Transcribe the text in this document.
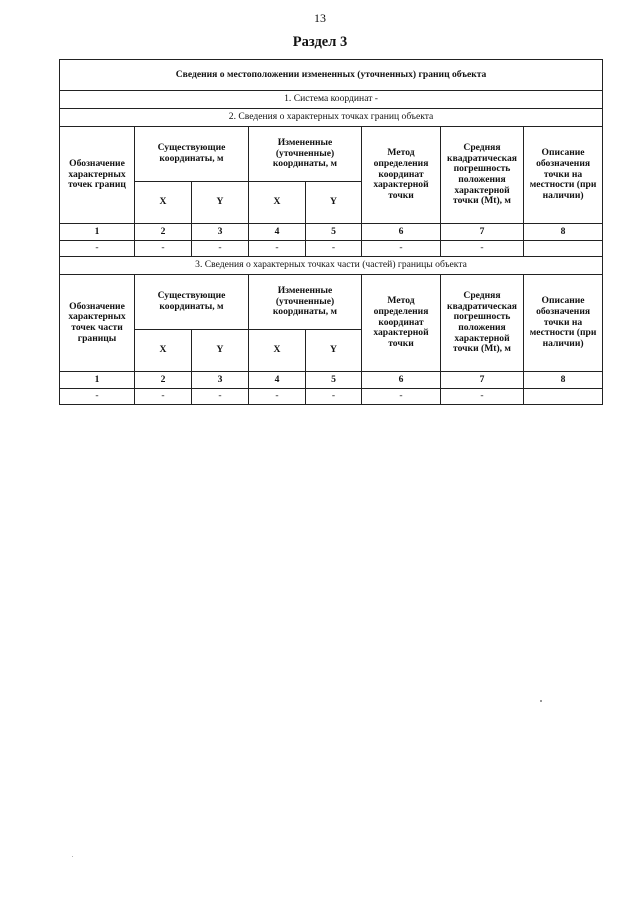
13
Раздел 3
Сведения о местоположении измененных (уточненных) границ объекта							
1. Система координат -							
2. Сведения о характерных точках границ объекта							
Обозначение характерных точек границ	Существующие координаты, м		Измененные (уточненные) координаты, м		Метод определения координат характерной точки	Средняя квадратическая погрешность положения характерной точки (Mt), м	Описание обозначения точки на местности (при наличии)
	X	Y	X	Y			
1	2	3	4	5	6	7	8
-	-	-	-	-	-	-	
3. Сведения о характерных точках части (частей) границы объекта							
Обозначение характерных точек части границы	Существующие координаты, м		Измененные (уточненные) координаты, м		Метод определения координат характерной точки	Средняя квадратическая погрешность положения характерной точки (Mt), м	Описание обозначения точки на местности (при наличии)
	X	Y	X	Y			
1	2	3	4	5	6	7	8
-	-	-	-	-	-	-	
